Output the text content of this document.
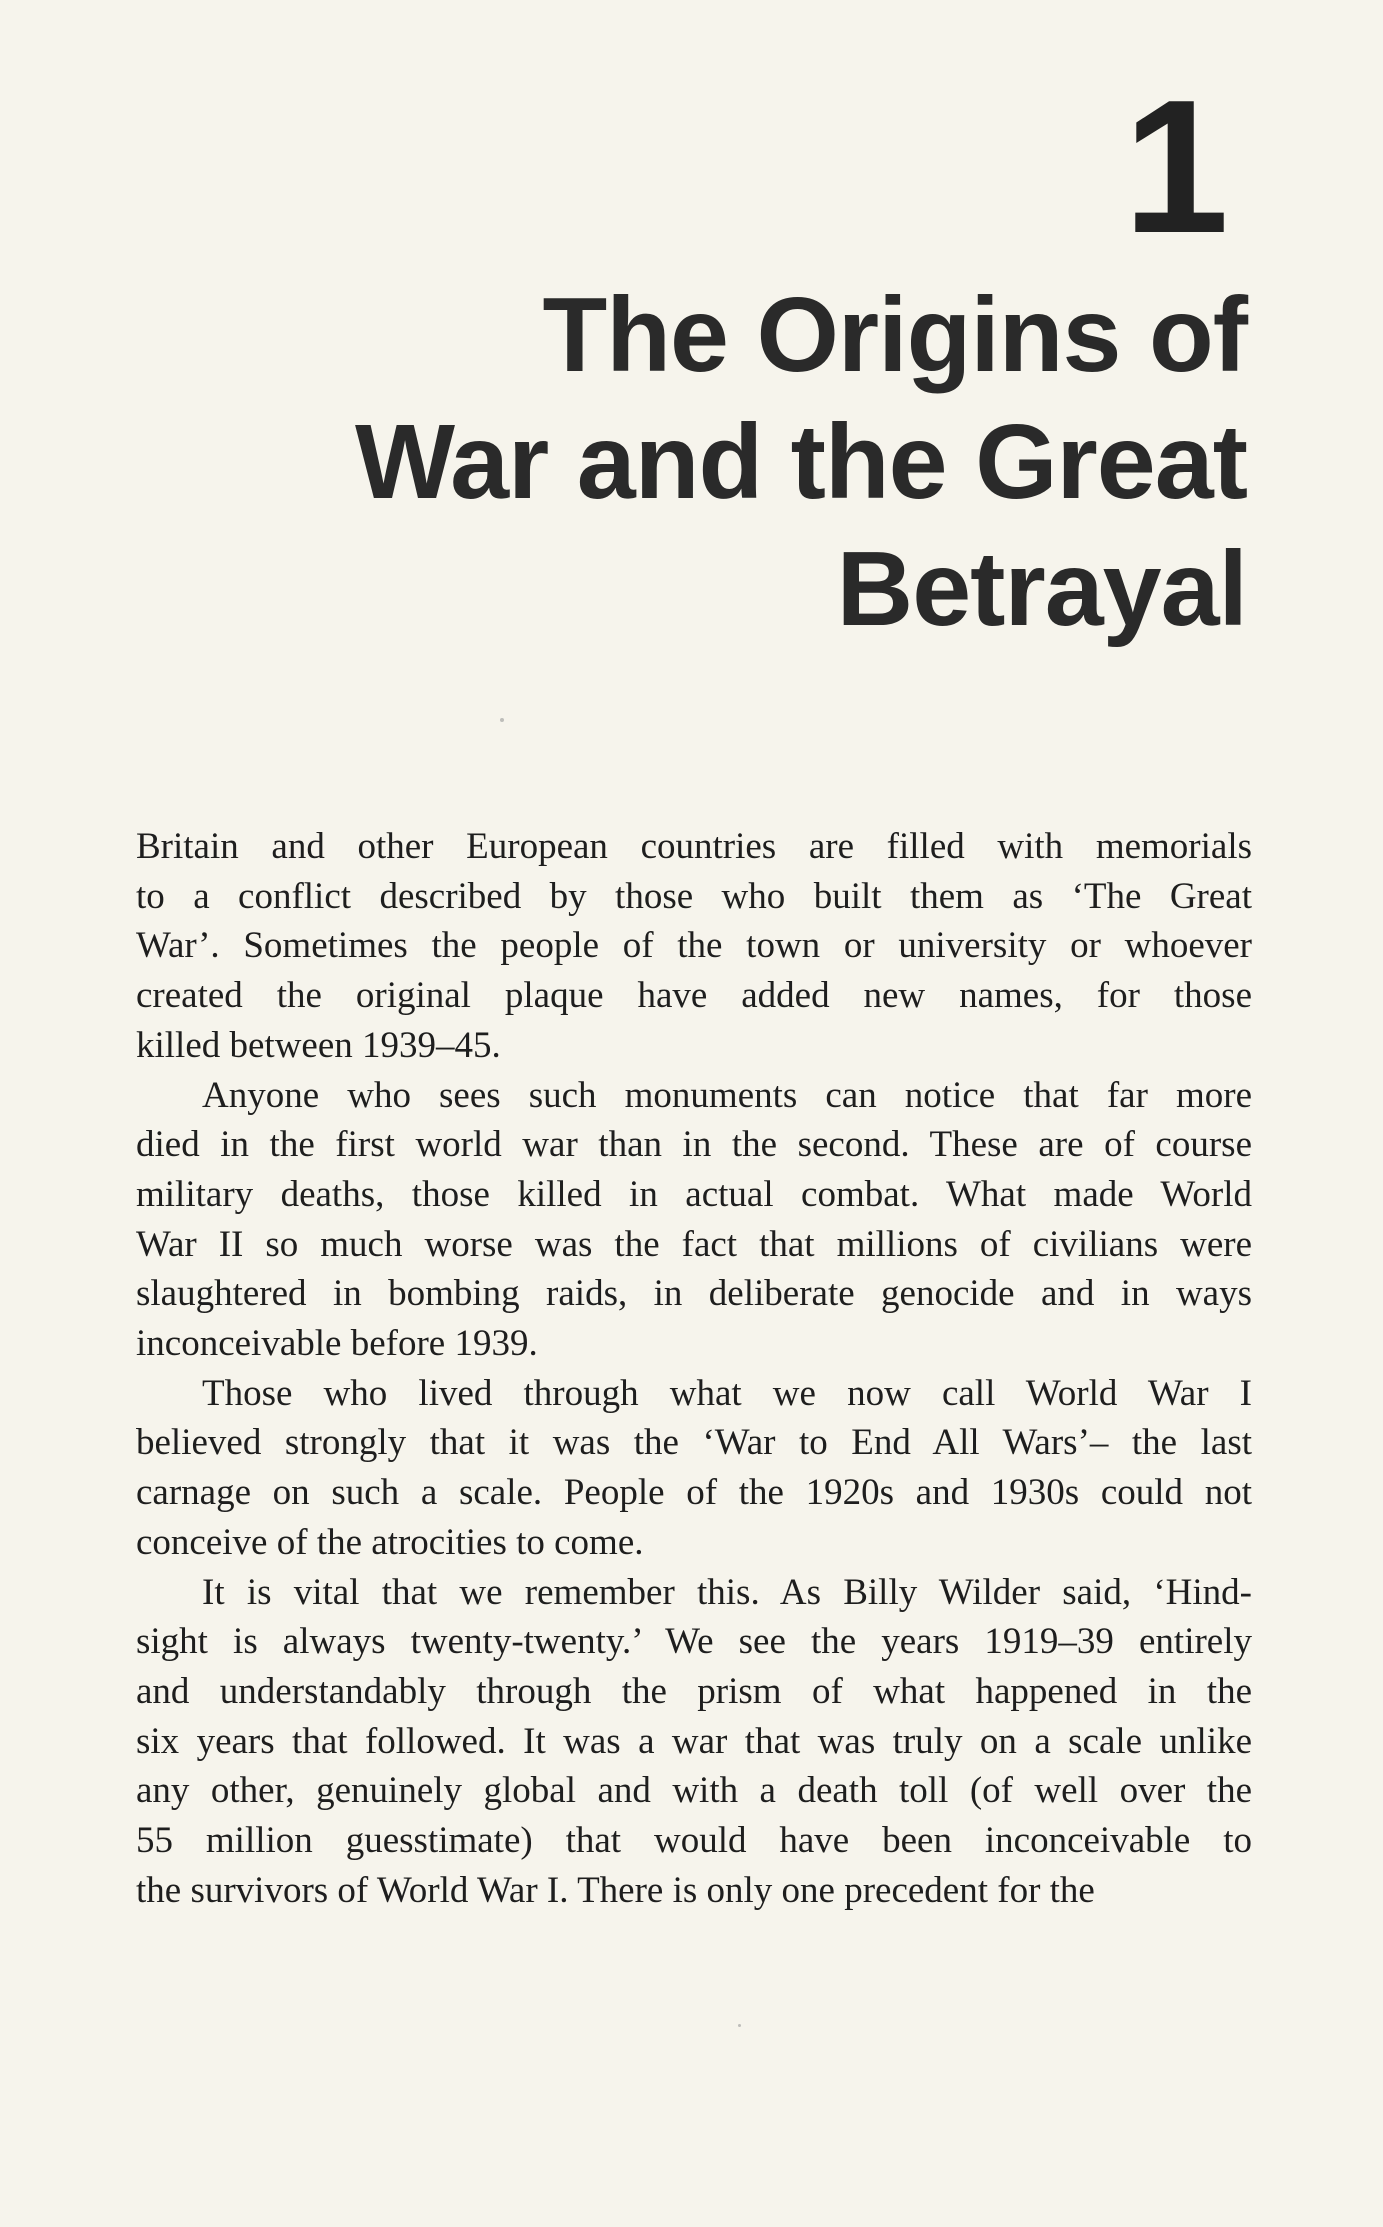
1
The Origins of
War and the Great
Betrayal
Britain and other European countries are filled with memorials
to a conflict described by those who built them as ‘The Great
War’. Sometimes the people of the town or university or whoever
created the original plaque have added new names, for those
killed between 1939–45.
Anyone who sees such monuments can notice that far more
died in the first world war than in the second. These are of course
military deaths, those killed in actual combat. What made World
War II so much worse was the fact that millions of civilians were
slaughtered in bombing raids, in deliberate genocide and in ways
inconceivable before 1939.
Those who lived through what we now call World War I
believed strongly that it was the ‘War to End All Wars’– the last
carnage on such a scale. People of the 1920s and 1930s could not
conceive of the atrocities to come.
It is vital that we remember this. As Billy Wilder said, ‘Hind-
sight is always twenty-twenty.’ We see the years 1919–39 entirely
and understandably through the prism of what happened in the
six years that followed. It was a war that was truly on a scale unlike
any other, genuinely global and with a death toll (of well over the
55 million guesstimate) that would have been inconceivable to
the survivors of World War I. There is only one precedent for the
